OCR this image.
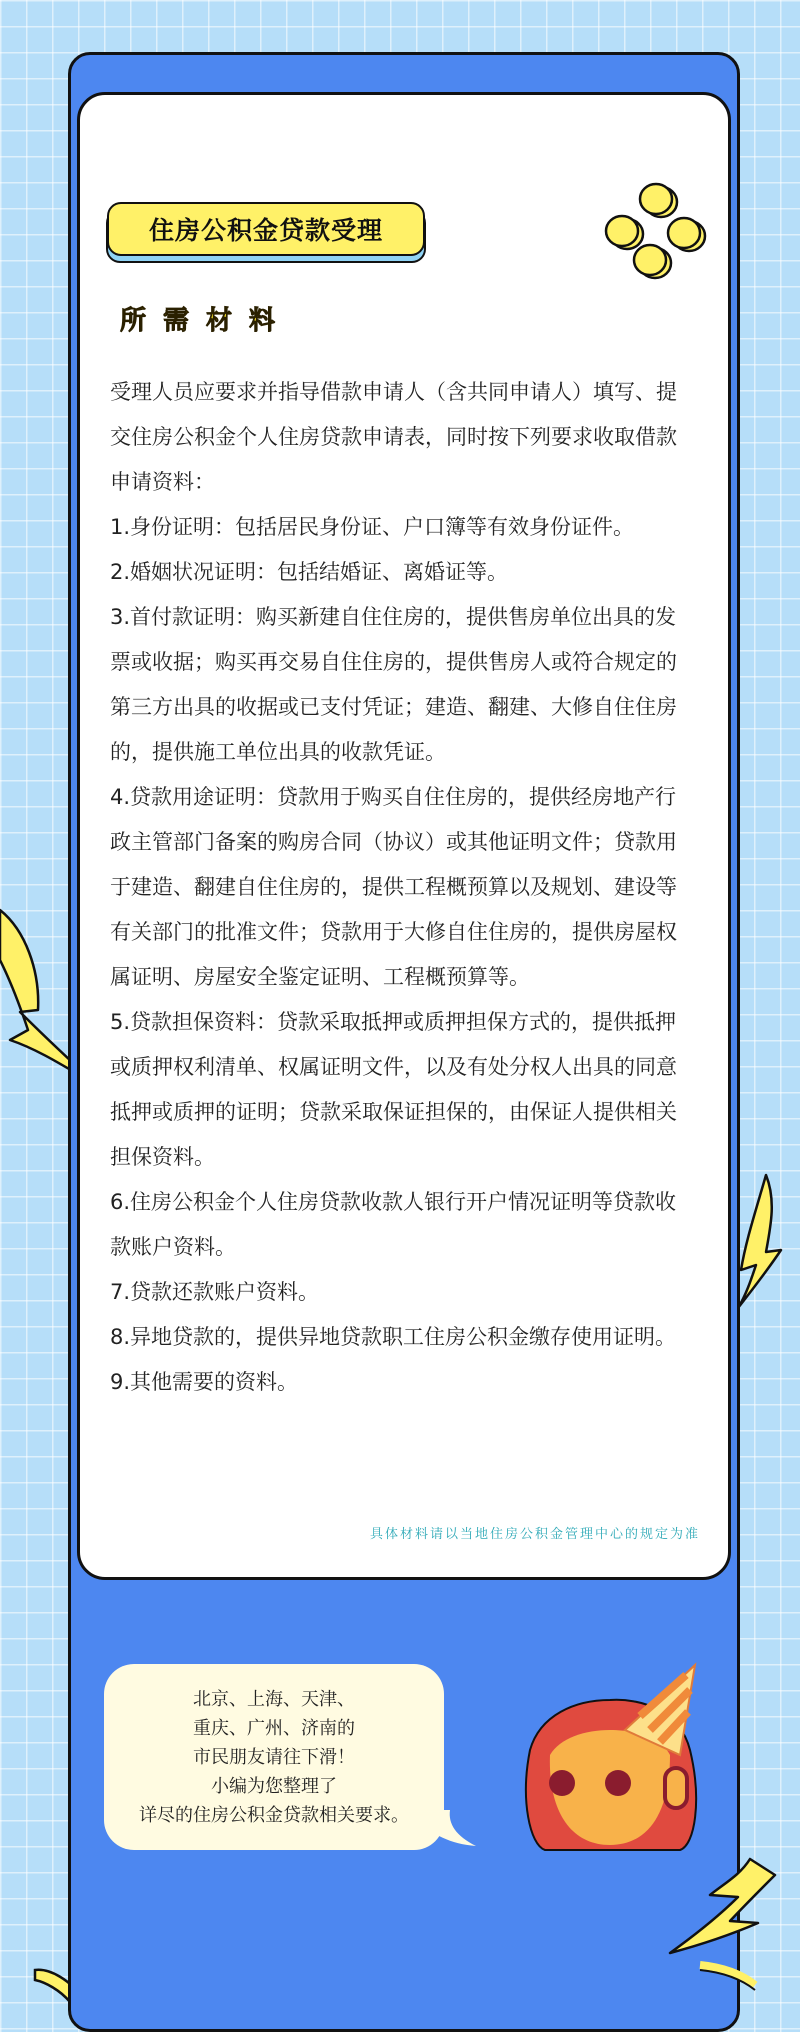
住房公积金贷款受理
所需材料

受理人员应要求并指导借款申请人（含共同申请人）填写、提交住房公积金个人住房贷款申请表，同时按下列要求收取借款申请资料：

1.身份证明：包括居民身份证、户口簿等有效身份证件。

2.婚姻状况证明：包括结婚证、离婚证等。

3.首付款证明：购买新建自住住房的，提供售房单位出具的发票或收据；购买再交易自住住房的，提供售房人或符合规定的第三方出具的收据或已支付凭证；建造、翻建、大修自住住房的，提供施工单位出具的收款凭证。

4.贷款用途证明：贷款用于购买自住住房的，提供经房地产行政主管部门备案的购房合同（协议）或其他证明文件；贷款用于建造、翻建自住住房的，提供工程概预算以及规划、建设等有关部门的批准文件；贷款用于大修自住住房的，提供房屋权属证明、房屋安全鉴定证明、工程概预算等。

5.贷款担保资料：贷款采取抵押或质押担保方式的，提供抵押或质押权利清单、权属证明文件，以及有处分权人出具的同意抵押或质押的证明；贷款采取保证担保的，由保证人提供相关担保资料。

6.住房公积金个人住房贷款收款人银行开户情况证明等贷款收款账户资料。

7.贷款还款账户资料。

8.异地贷款的，提供异地贷款职工住房公积金缴存使用证明。

9.其他需要的资料。

具体材料请以当地住房公积金管理中心的规定为准
北京、上海、天津、
重庆、广州、济南的
市民朋友请往下滑！
小编为您整理了
详尽的住房公积金贷款相关要求。
